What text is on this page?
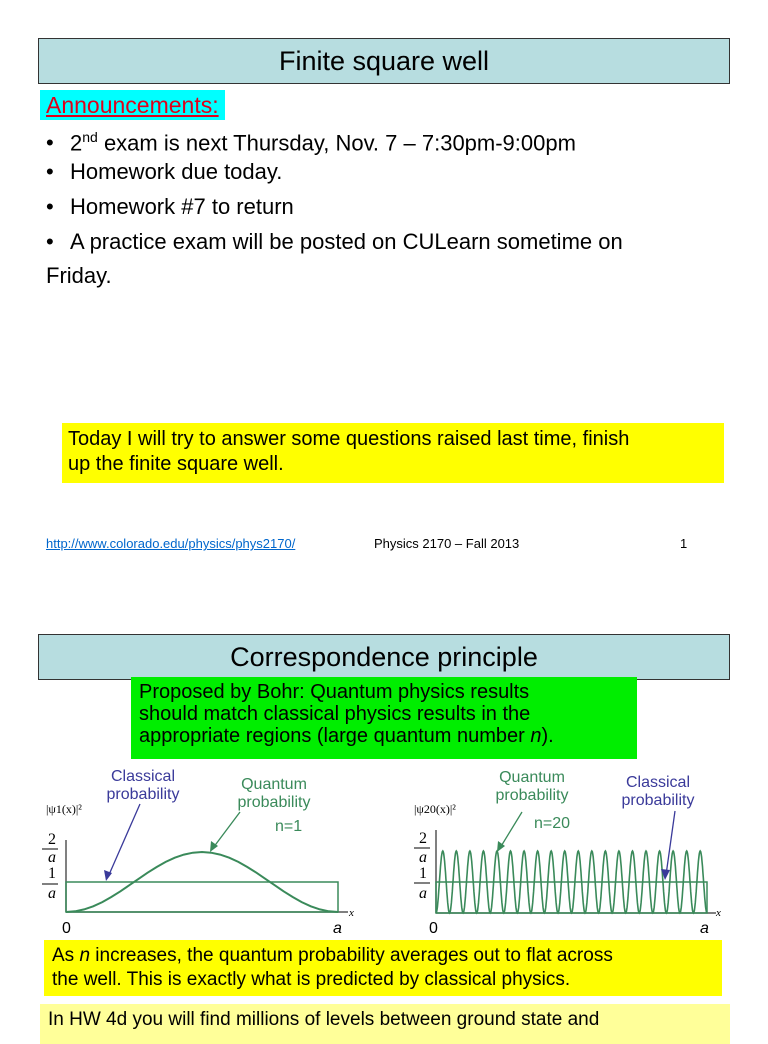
Finite square well
Announcements:
• 2nd exam is next Thursday, Nov. 7 – 7:30pm-9:00pm
• Homework due today.
• Homework #7 to return
• A practice exam will be posted on CULearn sometime on
Friday.
Today I will try to answer some questions raised last time, finish
up the finite square well.
http://www.colorado.edu/physics/phys2170/	Physics 2170 – Fall 2013	1
Correspondence principle
Proposed by Bohr: Quantum physics results
should match classical physics results in the
appropriate regions (large quantum number n).
Classical
probability
Quantum
probability
n=1
|ψ1(x)|²
2
a
1
a
0	a
x
Quantum
probability
Classical
probability
n=20
|ψ20(x)|²
2
a
1
a
0	a
x
As n increases, the quantum probability averages out to flat across
the well. This is exactly what is predicted by classical physics.
In HW 4d you will find millions of levels between ground state and
